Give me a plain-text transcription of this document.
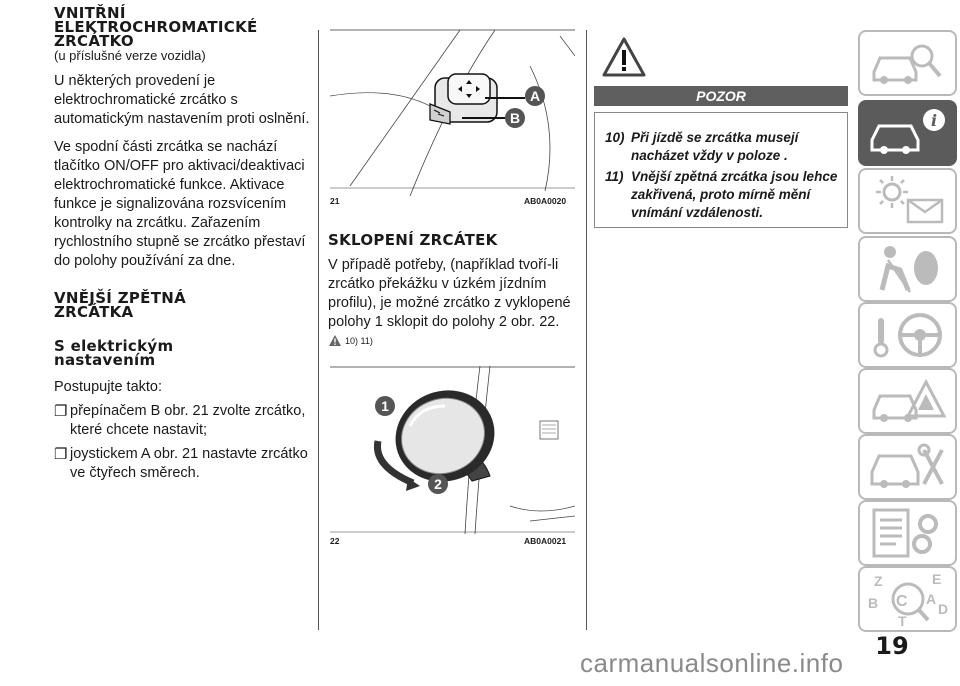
VNITŘNÍ ELEKTROCHROMATICKÉ ZRCÁTKO

(u příslušné verze vozidla)

U některých provedení je elektrochromatické zrcátko s automatickým nastavením proti oslnění.

Ve spodní části zrcátka se nachází tlačítko ON/OFF pro aktivaci/deaktivaci elektrochromatické funkce. Aktivace funkce je signalizována rozsvícením kontrolky na zrcátku. Zařazením rychlostního stupně se zrcátko přestaví do polohy používání za dne.

VNĚJŠÍ ZPĚTNÁ ZRCÁTKA
S elektrickým nastavením

Postupujte takto:

❐ přepínačem B obr. 21 zvolte zrcátko, které chcete nastavit;
❐ joystickem A obr. 21 nastavte zrcátko ve čtyřech směrech.
A
B
21	AB0A0020
SKLOPENÍ ZRCÁTEK

V případě potřeby, (například tvoří-li zrcátko překážku v úzkém jízdním profilu), je možné zrcátko z vyklopené polohy 1 sklopit do polohy 2 obr. 22.

10) 11)
1
2
22	AB0A0021
POZOR
10) Při jízdě se zrcátka musejí nacházet vždy v poloze .
11) Vnější zpětná zrcátka jsou lehce zakřivená, proto mírně mění vnímání vzdálenosti.
i
Z	E
B C A
T
D
19
carmanualsonline.info
